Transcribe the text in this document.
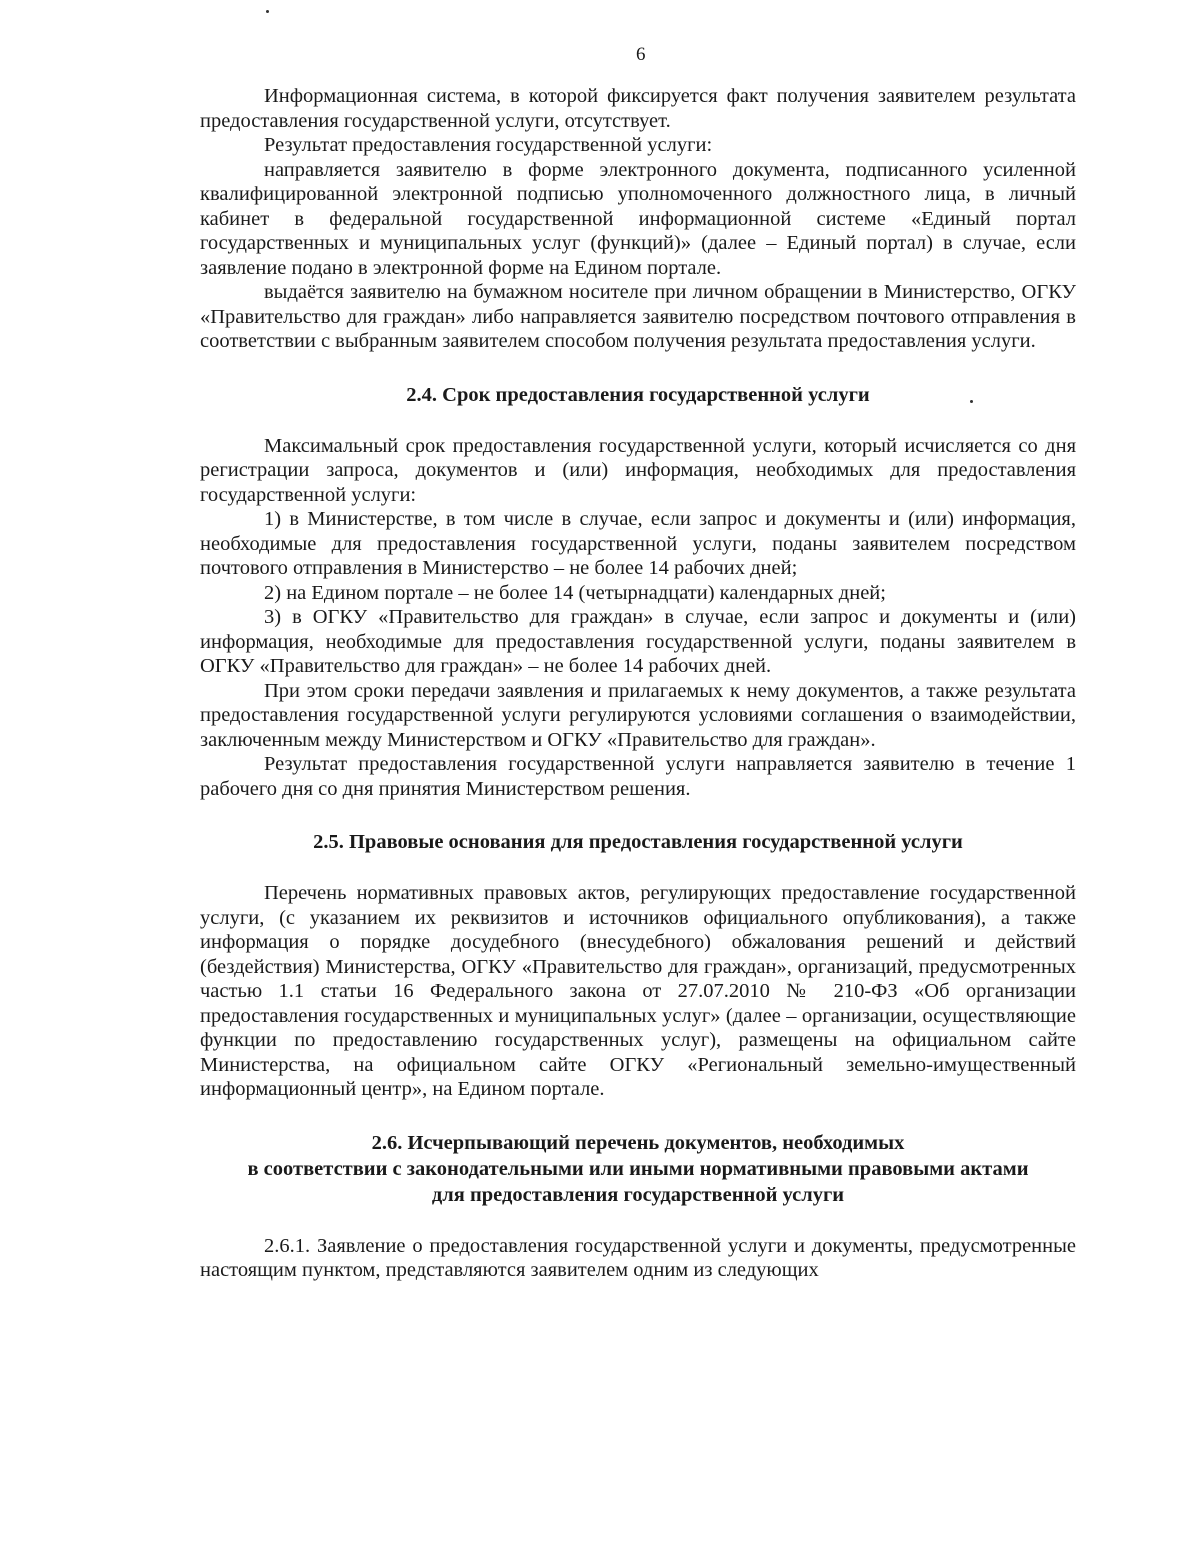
6

Информационная система, в которой фиксируется факт получения заявителем результата предоставления государственной услуги, отсутствует.

Результат предоставления государственной услуги:

направляется заявителю в форме электронного документа, подписанного усиленной квалифицированной электронной подписью уполномоченного должностного лица, в личный кабинет в федеральной государственной информационной системе «Единый портал государственных и муниципальных услуг (функций)» (далее – Единый портал) в случае, если заявление подано в электронной форме на Едином портале.

выдаётся заявителю на бумажном носителе при личном обращении в Министерство, ОГКУ «Правительство для граждан» либо направляется заявителю посредством почтового отправления в соответствии с выбранным заявителем способом получения результата предоставления услуги.

2.4. Срок предоставления государственной услуги

Максимальный срок предоставления государственной услуги, который исчисляется со дня регистрации запроса, документов и (или) информация, необходимых для предоставления государственной услуги:

1) в Министерстве, в том числе в случае, если запрос и документы и (или) информация, необходимые для предоставления государственной услуги, поданы заявителем посредством почтового отправления в Министерство – не более 14 рабочих дней;

2) на Едином портале – не более 14 (четырнадцати) календарных дней;

3) в ОГКУ «Правительство для граждан» в случае, если запрос и документы и (или) информация, необходимые для предоставления государственной услуги, поданы заявителем в ОГКУ «Правительство для граждан» – не более 14 рабочих дней.

При этом сроки передачи заявления и прилагаемых к нему документов, а также результата предоставления государственной услуги регулируются условиями соглашения о взаимодействии, заключенным между Министерством и ОГКУ «Правительство для граждан».

Результат предоставления государственной услуги направляется заявителю в течение 1 рабочего дня со дня принятия Министерством решения.

2.5. Правовые основания для предоставления государственной услуги

Перечень нормативных правовых актов, регулирующих предоставление государственной услуги, (с указанием их реквизитов и источников официального опубликования), а также информация о порядке досудебного (внесудебного) обжалования решений и действий (бездействия) Министерства, ОГКУ «Правительство для граждан», организаций, предусмотренных частью 1.1 статьи 16 Федерального закона от 27.07.2010 № 210-ФЗ «Об организации предоставления государственных и муниципальных услуг» (далее – организации, осуществляющие функции по предоставлению государственных услуг), размещены на официальном сайте Министерства, на официальном сайте ОГКУ «Региональный земельно-имущественный информационный центр», на Едином портале.

2.6. Исчерпывающий перечень документов, необходимых
в соответствии с законодательными или иными нормативными правовыми актами
для предоставления государственной услуги

2.6.1. Заявление о предоставления государственной услуги и документы, предусмотренные настоящим пунктом, представляются заявителем одним из следующих
